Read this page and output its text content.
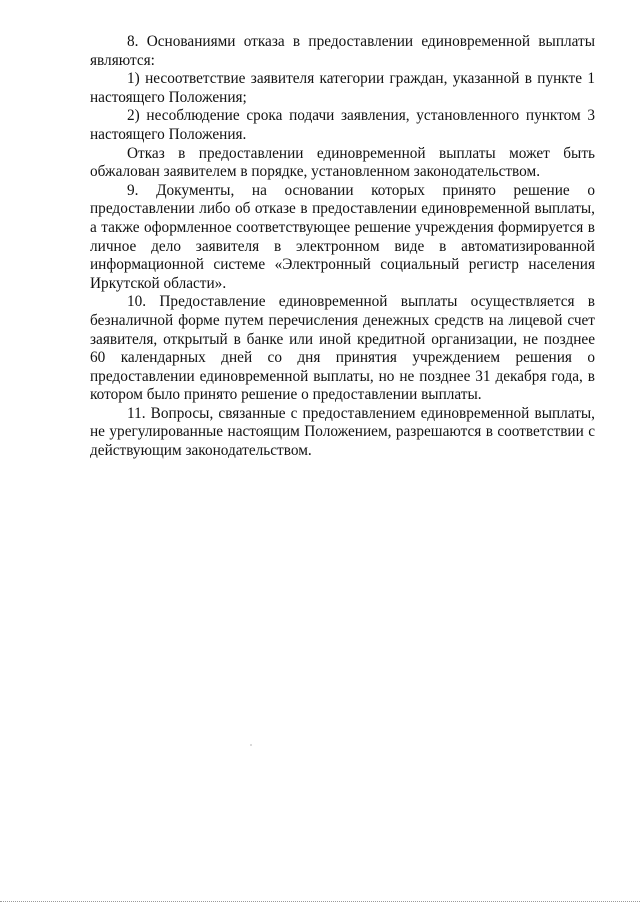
8. Основаниями отказа в предоставлении единовременной выплаты являются:

1) несоответствие заявителя категории граждан, указанной в пункте 1 настоящего Положения;

2) несоблюдение срока подачи заявления, установленного пунктом 3 настоящего Положения.

Отказ в предоставлении единовременной выплаты может быть обжалован заявителем в порядке, установленном законодательством.

9. Документы, на основании которых принято решение о предоставлении либо об отказе в предоставлении единовременной выплаты, а также оформленное соответствующее решение учреждения формируется в личное дело заявителя в электронном виде в автоматизированной информационной системе «Электронный социальный регистр населения Иркутской области».

10. Предоставление единовременной выплаты осуществляется в безналичной форме путем перечисления денежных средств на лицевой счет заявителя, открытый в банке или иной кредитной организации, не позднее 60 календарных дней со дня принятия учреждением решения о предоставлении единовременной выплаты, но не позднее 31 декабря года, в котором было принято решение о предоставлении выплаты.

11. Вопросы, связанные с предоставлением единовременной выплаты, не урегулированные настоящим Положением, разрешаются в соответствии с действующим законодательством.
